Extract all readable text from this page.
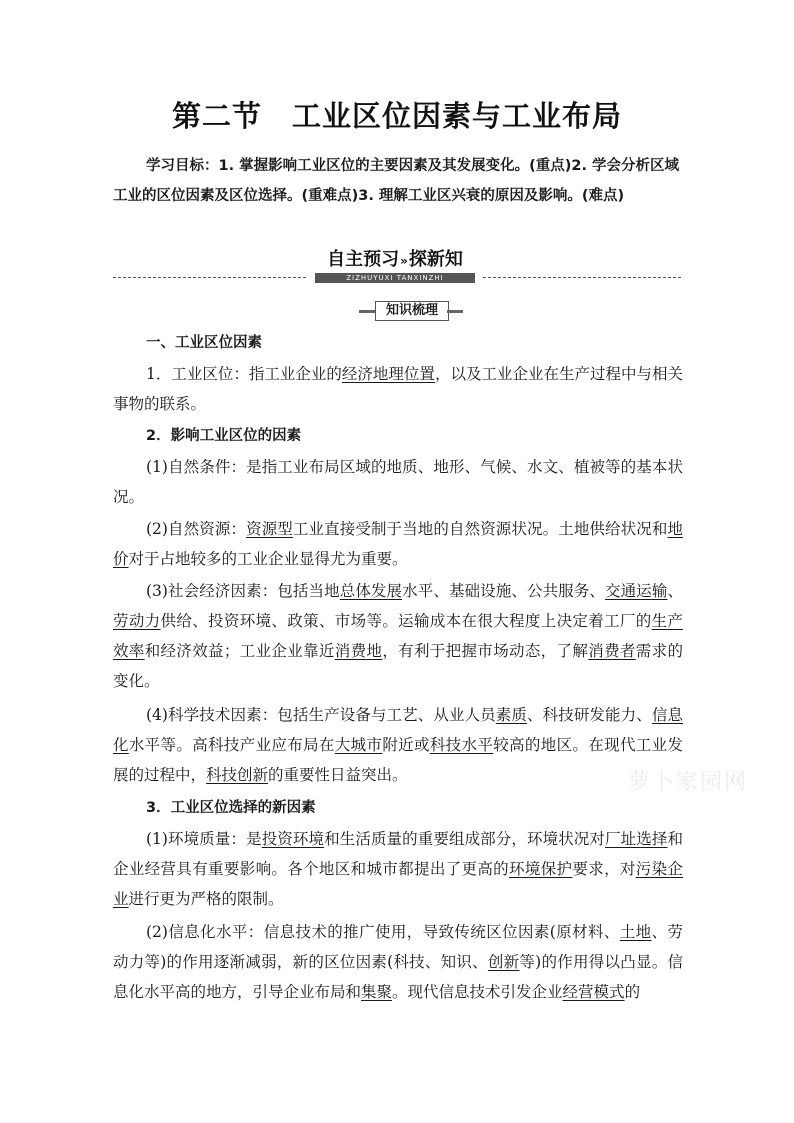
第二节　工业区位因素与工业布局

学习目标：1. 掌握影响工业区位的主要因素及其发展变化。(重点)2. 学会分析区域工业的区位因素及区位选择。(重难点)3. 理解工业区兴衰的原因及影响。(难点)

自主预习»探新知
ZIZHUYUXI TANXINZHI
知识梳理

一、工业区位因素

1．工业区位：指工业企业的经济地理位置，以及工业企业在生产过程中与相关事物的联系。

2．影响工业区位的因素

(1)自然条件：是指工业布局区域的地质、地形、气候、水文、植被等的基本状况。

(2)自然资源：资源型工业直接受制于当地的自然资源状况。土地供给状况和地价对于占地较多的工业企业显得尤为重要。

(3)社会经济因素：包括当地总体发展水平、基础设施、公共服务、交通运输、劳动力供给、投资环境、政策、市场等。运输成本在很大程度上决定着工厂的生产效率和经济效益；工业企业靠近消费地，有利于把握市场动态，了解消费者需求的变化。

(4)科学技术因素：包括生产设备与工艺、从业人员素质、科技研发能力、信息化水平等。高科技产业应布局在大城市附近或科技水平较高的地区。在现代工业发展的过程中，科技创新的重要性日益突出。

3．工业区位选择的新因素

(1)环境质量：是投资环境和生活质量的重要组成部分，环境状况对厂址选择和企业经营具有重要影响。各个地区和城市都提出了更高的环境保护要求，对污染企业进行更为严格的限制。

(2)信息化水平：信息技术的推广使用，导致传统区位因素(原材料、土地、劳动力等)的作用逐渐减弱，新的区位因素(科技、知识、创新等)的作用得以凸显。信息化水平高的地方，引导企业布局和集聚。现代信息技术引发企业经营模式的

萝卜家园网
